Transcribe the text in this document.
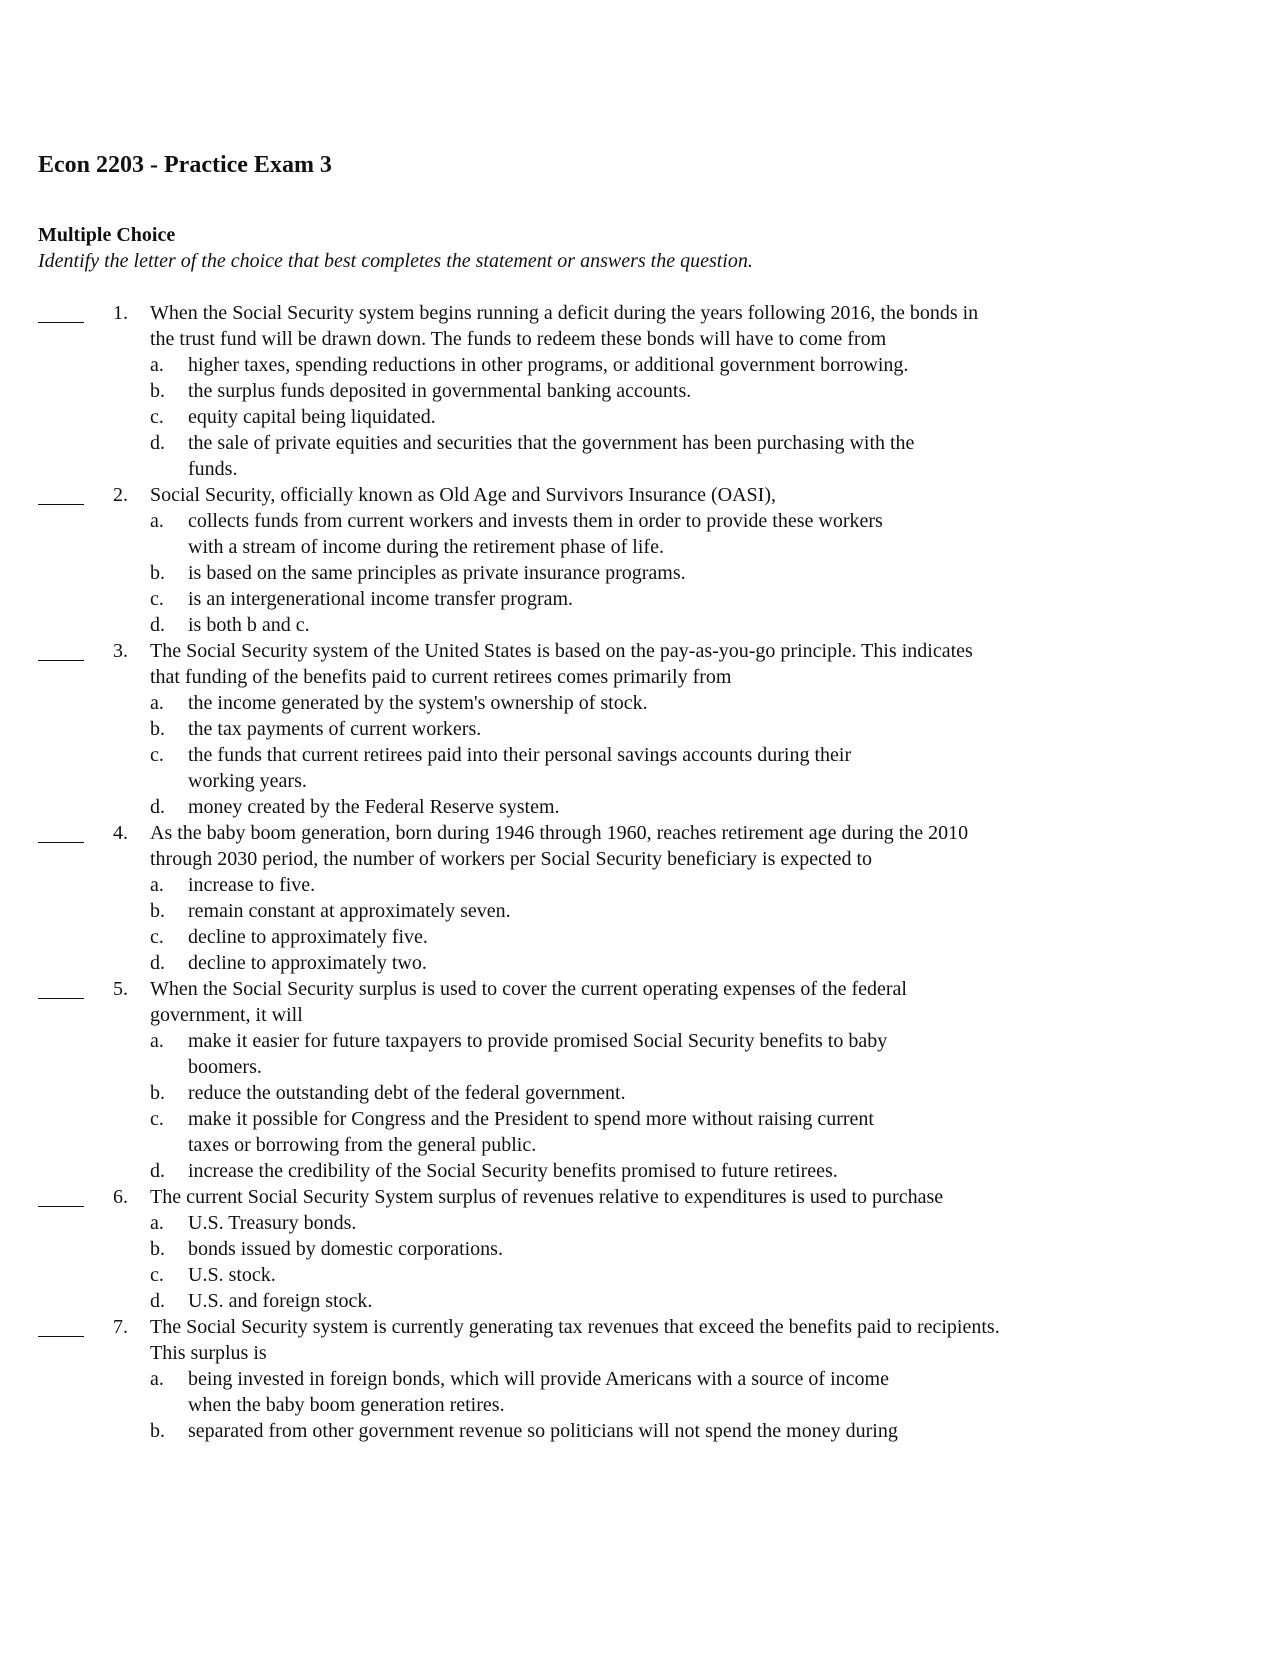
Econ 2203 - Practice Exam 3
Multiple Choice

Identify the letter of the choice that best completes the statement or answers the question.

1.	When the Social Security system begins running a deficit during the years following 2016, the bonds in
the trust fund will be drawn down. The funds to redeem these bonds will have to come from
a.	higher taxes, spending reductions in other programs, or additional government borrowing.
b.	the surplus funds deposited in governmental banking accounts.
c.	equity capital being liquidated.
d.	the sale of private equities and securities that the government has been purchasing with the
funds.
2.	Social Security, officially known as Old Age and Survivors Insurance (OASI),
a.	collects funds from current workers and invests them in order to provide these workers
with a stream of income during the retirement phase of life.
b.	is based on the same principles as private insurance programs.
c.	is an intergenerational income transfer program.
d.	is both b and c.
3.	The Social Security system of the United States is based on the pay-as-you-go principle. This indicates
that funding of the benefits paid to current retirees comes primarily from
a.	the income generated by the system's ownership of stock.
b.	the tax payments of current workers.
c.	the funds that current retirees paid into their personal savings accounts during their
working years.
d.	money created by the Federal Reserve system.
4.	As the baby boom generation, born during 1946 through 1960, reaches retirement age during the 2010
through 2030 period, the number of workers per Social Security beneficiary is expected to
a.	increase to five.
b.	remain constant at approximately seven.
c.	decline to approximately five.
d.	decline to approximately two.
5.	When the Social Security surplus is used to cover the current operating expenses of the federal
government, it will
a.	make it easier for future taxpayers to provide promised Social Security benefits to baby
boomers.
b.	reduce the outstanding debt of the federal government.
c.	make it possible for Congress and the President to spend more without raising current
taxes or borrowing from the general public.
d.	increase the credibility of the Social Security benefits promised to future retirees.
6.	The current Social Security System surplus of revenues relative to expenditures is used to purchase
a.	U.S. Treasury bonds.
b.	bonds issued by domestic corporations.
c.	U.S. stock.
d.	U.S. and foreign stock.
7.	The Social Security system is currently generating tax revenues that exceed the benefits paid to recipients.
This surplus is
a.	being invested in foreign bonds, which will provide Americans with a source of income
when the baby boom generation retires.
b.	separated from other government revenue so politicians will not spend the money during
